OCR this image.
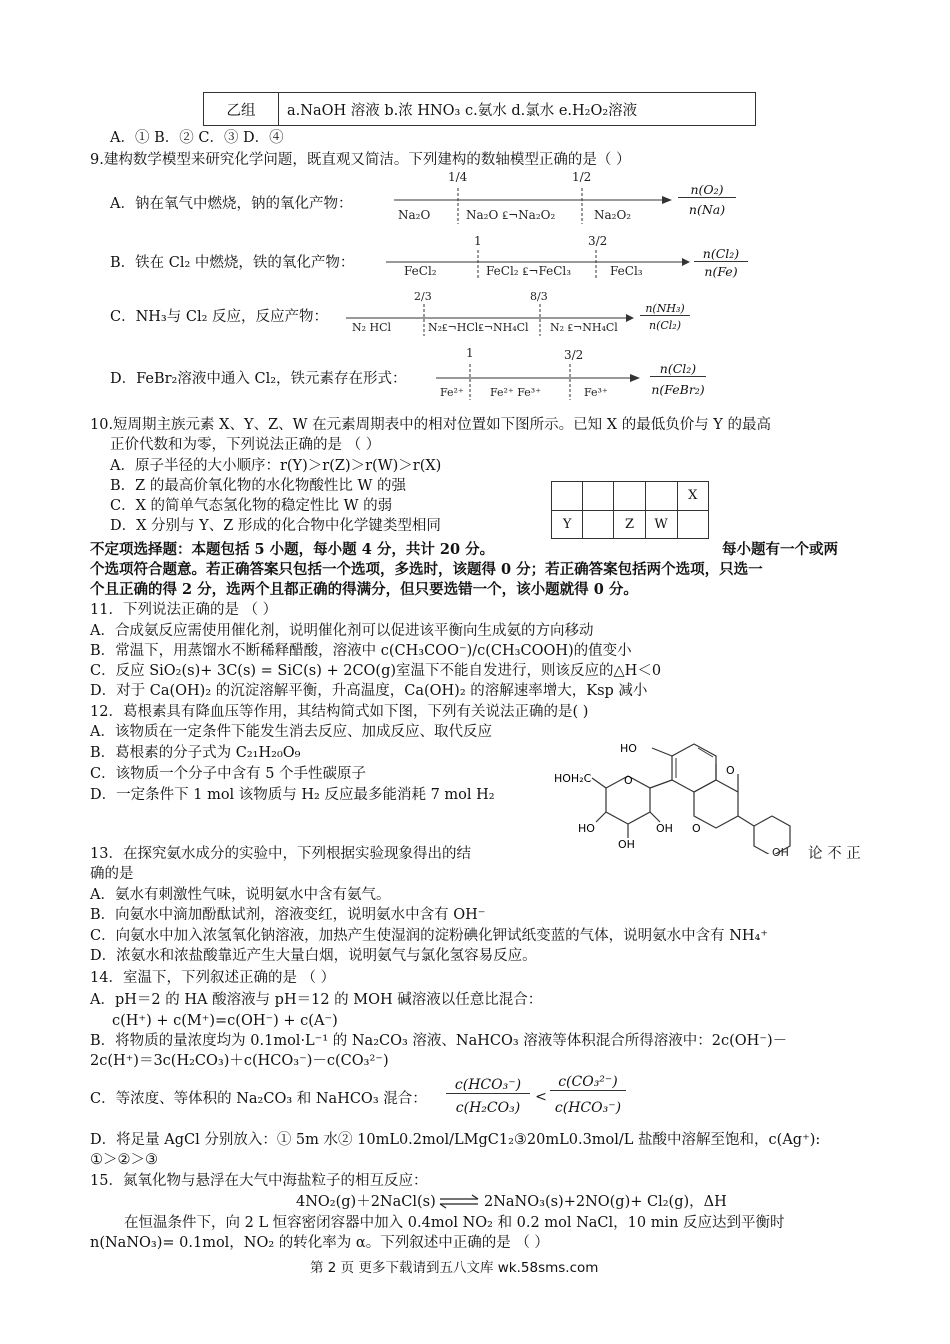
乙组	a.NaOH 溶液 b.浓 HNO₃ c.氨水 d.氯水 e.H₂O₂溶液
A．① B．② C．③ D．④
9.建构数学模型来研究化学问题，既直观又简洁。下列建构的数轴模型正确的是（ ）
A．钠在氧气中燃烧，钠的氧化产物：
1/4	1/2
Na₂O	Na₂O ₤¬Na₂O₂	Na₂O₂
n(O₂)
n(Na)
B．铁在 Cl₂ 中燃烧，铁的氧化产物：
1	3/2
FeCl₂	FeCl₂ ₤¬FeCl₃	FeCl₃
n(Cl₂)
n(Fe)
C．NH₃与 Cl₂ 反应，反应产物：
2/3	8/3
N₂ HCl	N₂₤¬HCl₤¬NH₄Cl N₂ ₤¬NH₄Cl
n(NH₃)
n(Cl₂)
D．FeBr₂溶液中通入 Cl₂，铁元素存在形式：
1	3/2
Fe²⁺ Fe²⁺ Fe³⁺	Fe³⁺
n(Cl₂)
n(FeBr₂)
10.短周期主族元素 X、Y、Z、W 在元素周期表中的相对位置如下图所示。已知 X 的最低负价与 Y 的最高
正价代数和为零，下列说法正确的是 （ ）
A．原子半径的大小顺序：r(Y)＞r(Z)＞r(W)＞r(X)
B．Z 的最高价氧化物的水化物酸性比 W 的强
C．X 的简单气态氢化物的稳定性比 W 的弱
D．X 分别与 Y、Z 形成的化合物中化学键类型相同
				X
Y		Z	W	
不定项选择题：本题包括 5 小题，每小题 4 分，共计 20 分。	每小题有一个或两
个选项符合题意。若正确答案只包括一个选项，多选时，该题得 0 分；若正确答案包括两个选项，只选一
个且正确的得 2 分，选两个且都正确的得满分，但只要选错一个，该小题就得 0 分。
11．下列说法正确的是 （ ）
A．合成氨反应需使用催化剂，说明催化剂可以促进该平衡向生成氨的方向移动
B．常温下，用蒸馏水不断稀释醋酸，溶液中 c(CH₃COO⁻)/c(CH₃COOH)的值变小
C．反应 SiO₂(s)+ 3C(s) = SiC(s) + 2CO(g)室温下不能自发进行，则该反应的△H＜0
D．对于 Ca(OH)₂ 的沉淀溶解平衡，升高温度，Ca(OH)₂ 的溶解速率增大，Ksp 减小
12．葛根素具有降血压等作用，其结构简式如下图，下列有关说法正确的是( )
A．该物质在一定条件下能发生消去反应、加成反应、取代反应
B．葛根素的分子式为 C₂₁H₂₀O₉
C．该物质一个分子中含有 5 个手性碳原子
D．一定条件下 1 mol 该物质与 H₂ 反应最多能消耗 7 mol H₂
HO
HOH₂C	O
HO
OH
OH
O
O
OH
13．在探究氨水成分的实验中，下列根据实验现象得出的结	论 不 正
确的是
A．氨水有刺激性气味，说明氨水中含有氨气。
B．向氨水中滴加酚酞试剂，溶液变红，说明氨水中含有 OH⁻
C．向氨水中加入浓氢氧化钠溶液，加热产生使湿润的淀粉碘化钾试纸变蓝的气体，说明氨水中含有 NH₄⁺
D．浓氨水和浓盐酸靠近产生大量白烟，说明氨气与氯化氢容易反应。
14．室温下，下列叙述正确的是 （ ）
A．pH＝2 的 HA 酸溶液与 pH＝12 的 MOH 碱溶液以任意比混合：
c(H⁺) + c(M⁺)=c(OH⁻) + c(A⁻)
B．将物质的量浓度均为 0.1mol·L⁻¹ 的 Na₂CO₃ 溶液、NaHCO₃ 溶液等体积混合所得溶液中：2c(OH⁻)－
2c(H⁺)＝3c(H₂CO₃)＋c(HCO₃⁻)－c(CO₃²⁻)
C．等浓度、等体积的 Na₂CO₃ 和 NaHCO₃ 混合：
c(HCO₃⁻)
c(H₂CO₃)
<
c(CO₃²⁻)
c(HCO₃⁻)
D．将足量 AgCl 分别放入：① 5m 水② 10mL0.2mol/LMgC1₂③20mL0.3mol/L 盐酸中溶解至饱和，c(Ag⁺):
①＞②＞③
15．氮氧化物与悬浮在大气中海盐粒子的相互反应：
4NO₂(g)＋2NaCl(s) ⇌ 2NaNO₃(s)+2NO(g)+ Cl₂(g)，ΔH
在恒温条件下，向 2 L 恒容密闭容器中加入 0.4mol NO₂ 和 0.2 mol NaCl，10 min 反应达到平衡时
n(NaNO₃)= 0.1mol，NO₂ 的转化率为 α。下列叙述中正确的是 （ ）
第 2 页 更多下载请到五八文库 wk.58sms.com
